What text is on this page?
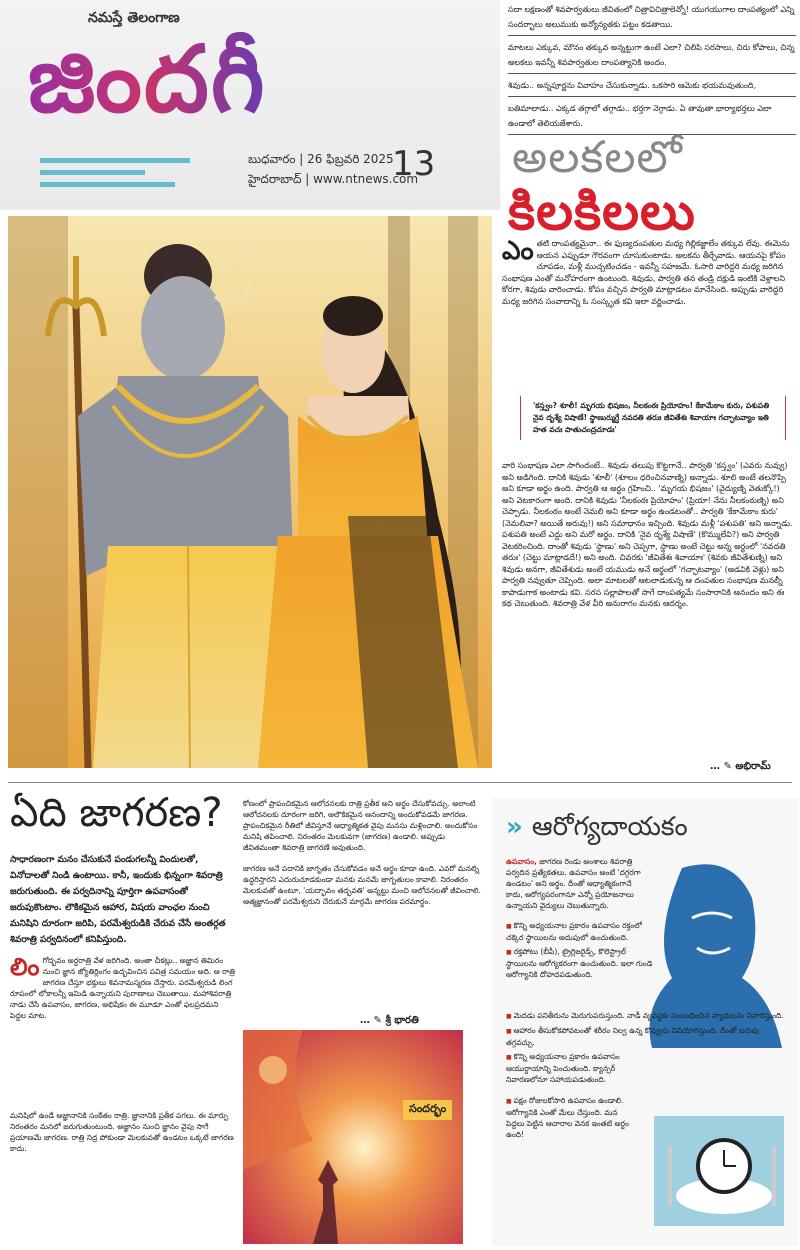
నమస్తే తెలంగాణ
జిందగీ
బుధవారం | 26 ఫిబ్రవరి 2025
హైదరాబాద్ | www.ntnews.com
13

సదా లక్షణంతో శివపార్వతులు జీవితంలో చిత్రావిచిత్రాలెన్నో! యుగయుగాల దాంపత్యంలో ఎన్ని సందర్భాలు అలుముకు అన్యోన్యతకు పట్టం కడతాయి.

మాటలు ఎక్కువ, మౌనం తక్కువ అన్నట్టుగా ఉంటే ఎలా? చిలిపి సరసాలు, చిరు కోపాలు, చిన్న అలకలు ఇవన్నీ శివపార్వతుల దాంపత్యానికి అందం.

శివుడు.. అన్నపూర్ణను వివాహం చేసుకున్నాడు. ఒకసారి ఆమెకు భయమవుతుంది,

బతిమాలాడు.. ఎక్కడ తగ్గాలో తగ్గాడు.. భర్తగా నెగ్గాడు. ఏ తావుతా భార్యాభర్తలు ఎలా ఉండాలో తెలియజేశారు.

అలకలలో
కిలకిలలు
ఎం తటి దాంపత్యమైనా.. ఈ ఫుణ్యదంపతుల మధ్య గిల్లికజ్జాలేం తక్కువ లేవు. ఈమెను ఆయన ఎప్పుడూ గౌరవంగా చూసుకుంటాడు. అలకను తీర్చేవాడు. ఆయనపై కోపం చూపడం, మళ్లీ ముచ్చటించడం - ఇవన్నీ సహజమే. ఓసారి వారిద్దరి మధ్య జరిగిన సంభాషణ ఎంతో మనోహరంగా ఉంటుంది. శివుడు, పార్వతి తన తండ్రి దక్షుడి ఇంటికి వెళ్లాలని కోరగా, శివుడు వారించాడు. కోపం వచ్చిన పార్వతి మాట్లాడటం మానేసింది. అప్పుడు వారిద్దరి మధ్య జరిగిన సంవాదాన్ని ఓ సంస్కృత కవి ఇలా వర్ణించాడు.
'కస్త్వం? శూలీ! మృగయ భిషజం, నీలకంఠః ప్రియోహం! కేకామేకాం కురు, పశుపతి నైవ దృశ్యే విషాణే! స్థాణుర్ముగ్ధే నవదతి తరుః జీవితేశః శివాయాః గచ్ఛాటవ్యాం ఇతి హత వచః పాతుచంద్రచూడః'
వారి సంభాషణ ఎలా సాగిందంటే.. శివుడు తలుపు కొట్టగానే.. పార్వతి 'కస్త్వం' (ఎవరు నువ్వు) అని అడిగింది. దానికి శివుడు 'శూలీ' (శూలం ధరించినవాణ్ని) అన్నాడు. శూలి అంటే తలనొప్పి అని కూడా అర్థం ఉంది. పార్వతి ఆ అర్థం గ్రహించి.. 'మృగయ భిషజం' (వైద్యుణ్ని వెతుక్కో!) అని వెటకారంగా అంది. దానికి శివుడు 'నీలకంఠః ప్రియోహం' (ప్రియా! నేను నీలకంఠుణ్ని) అని చెప్పాడు. నీలకంఠం అంటే నెమలి అని కూడా అర్థం ఉండటంతో.. పార్వతి 'కేకామేకాం కురు' (నెమలివా? అయితే అరువు!) అని సమాధానం ఇచ్చింది. శివుడు మళ్లీ 'పశుపతి' అని అన్నాడు. పశుపతి అంటే ఎద్దు అని మరో అర్థం. దానికి 'నైవ దృశ్యే విషాణే' (కొమ్ములేవి?) అని పార్వతి వెటకరించింది. దాంతో శివుడు 'స్థాణు' అని చెప్పగా, స్థాణు అంటే చెట్టు అన్న అర్థంలో 'నవదతి తరుః' (చెట్టు మాట్లాడదే!) అని అంది. చివరకు 'జీవితేశః శివాయాః' (శివకు జీవితేశుణ్ని) అని శివుడు అనగా, జీవితేశుడు అంటే యముడు అనే అర్థంలో 'గచ్ఛాటవ్యాం' (అడవికి వెళ్లు) అని పార్వతి నవ్వుతూ చెప్పింది. అలా మాటలతో ఆటలాడుకున్న ఆ దంపతుల సంభాషణ మనల్నీ కాపాడుగాక అంటాడు కవి. సరస సల్లాపాలతో సాగే దాంపత్యమే సంసారానికి ఆనందం అని ఈ కథ చెబుతుంది. శివరాత్రి వేళ వీరి అనురాగం మనకు ఆదర్శం.
… ✎ అభిరామ్
ఏది జాగరణ?
సాధారణంగా మనం చేసుకునే పండుగలన్నీ విందులతో, వినోదాలతో నిండి ఉంటాయి. కానీ, ఇందుకు భిన్నంగా శివరాత్రి జరుగుతుంది. ఈ పర్వదినాన్ని పూర్తిగా ఉపవాసంతో జరుపుకొంటాం. లౌకికమైన ఆహార, విషయ వాంఛల నుంచి మనిషిని దూరంగా జరిపి, పరమేశ్వరుడికి చేరువ చేసే అంతర్గత శివరాత్రి పర్వదినంలో కనిపిస్తుంది.
లిం గోద్భవం అర్ధరాత్రి వేళ జరిగింది. అంతా చీకట్లు.. అజ్ఞాన తిమిరం నుంచి జ్ఞాన జ్యోతిర్లింగం ఉద్భవించిన పవిత్ర సమయం అది. ఆ రాత్రి జాగరణ చేస్తూ భక్తులు శివనామస్మరణ చేస్తారు. పరమేశ్వరుడి లింగ రూపంలో లోకాలన్నీ ఇమిడి ఉన్నాయని పురాణాలు చెబుతాయి. మహాశివరాత్రి నాడు చేసే ఉపవాసం, జాగరణ, అభిషేకం ఈ మూడూ ఎంతో ఫలప్రదమని పెద్దల మాట.
మనిషిలో ఉండే అజ్ఞానానికి సంకేతం రాత్రి. జ్ఞానానికి ప్రతీక పగలు. ఈ మార్పు నిరంతరం మనలో జరుగుతుంటుంది. అజ్ఞానం నుంచి జ్ఞానం వైపు సాగే ప్రయాణమే జాగరణ. రాత్రి నిద్ర పోకుండా మెలకువతో ఉండటం ఒక్కటే జాగరణ కాదు.

కోణంలో ప్రాపంచికమైన ఆలోచనలకు రాత్రి ప్రతీక అని అర్థం చేసుకోవచ్చు. అలాంటి ఆలోచనలకు దూరంగా జరిగి, అలౌకికమైన ఆనందాన్ని అందుకోవడమే జాగరణ. ప్రాపంచికమైన రీతిలో జీవిస్తూనే ఆధ్యాత్మికత వైపు మనసు మళ్లించాలి. అందుకోసం మనిషి తపించాలి. నిరంతరం మెలకువగా (జాగరణ) ఉండాలి. అప్పుడు జీవితమంతా శివరాత్రి జాగరణే అవుతుంది.

జాగరణ అనే పదానికి జాగృతం చేసుకోవడం అనే అర్థం కూడా ఉంది. ఎవరో మనల్ని ఉద్ధరిస్తారని ఎదురుచూడకుండా మనకు మనమే జాగృతులం కావాలి. నిరంతరం మెలకువతో ఉంటూ, 'యద్భావం తద్భవతి' అన్నట్టు మంచి ఆలోచనలతో జీవించాలి. ఆత్మజ్ఞానంతో పరమేశ్వరుని చేరుకునే మార్గమే జాగరణ పరమార్థం.

… ✎ శ్రీ భారతి
సందర్భం
» ఆరోగ్యదాయకం
ఉపవాసం, జాగరణ రెండు అంశాలు శివరాత్రి పర్వదిన ప్రత్యేకతలు. ఉపవాసం అంటే 'దగ్గరగా ఉండటం' అని అర్థం. దీంతో ఆధ్యాత్మికంగానే కాదు, ఆరోగ్యపరంగానూ ఎన్నో ప్రయోజనాలు ఉన్నాయని వైద్యులు చెబుతున్నారు.
■ కొన్ని అధ్యయనాల ప్రకారం ఉపవాసం రక్తంలో చక్కెర స్థాయిలను అదుపులో ఉంచుతుంది.
■ రక్తపోటు (బీపీ), ట్రైగ్లిజరైడ్స్, కొలెస్ట్రాల్ స్థాయిలను ఆరోగ్యకరంగా ఉంచుతుంది. ఇలా గుండె ఆరోగ్యానికి దోహదపడుతుంది.
■ మెదడు పనితీరును మెరుగుపరుస్తుంది. నాడీ వ్యవస్థకు సంబంధించిన వ్యాధులను నివారిస్తుంది.
■ ఆహారం తీసుకోకపోవటంతో శరీరం నిల్వ ఉన్న కొవ్వును వినియోగిస్తుంది. దీంతో బరువు తగ్గవచ్చు.
■ కొన్ని అధ్యయనాల ప్రకారం ఉపవాసం ఆయుర్దాయాన్ని పెంచుతుంది. క్యాన్సర్ నివారణలోనూ సహాయపడుతుంది.
■ పక్షం రోజులకోసారి ఉపవాసం ఉండాలి. ఆరోగ్యానికి ఎంతో మేలు చేస్తుంది. మన పెద్దలు పెట్టిన ఆచారాల వెనక ఇంతటి అర్థం ఉంది!
